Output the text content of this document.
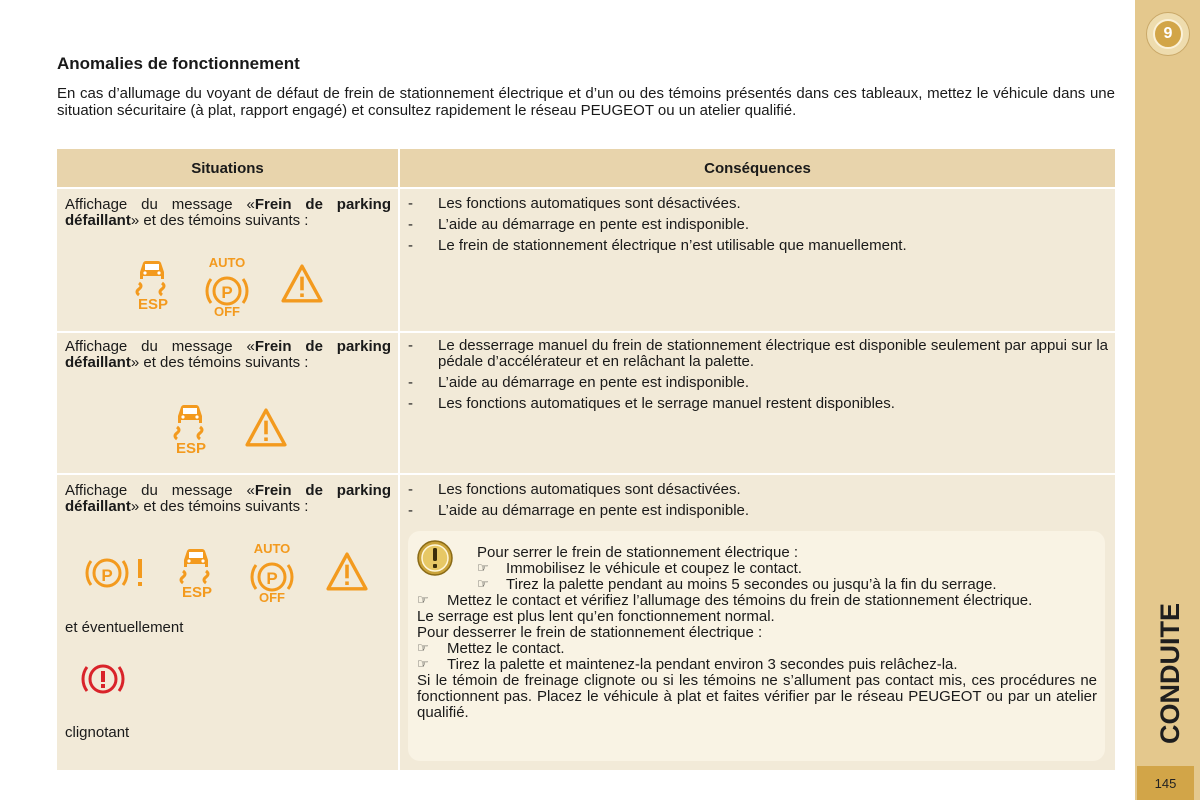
9
CONDUITE
145
Anomalies de fonctionnement

En cas d’allumage du voyant de défaut de frein de stationnement électrique et d’un ou des témoins présentés dans ces tableaux, mettez le véhicule dans une situation sécuritaire (à plat, rapport engagé) et consultez rapidement le réseau PEUGEOT ou un atelier qualifié.

Situations	Conséquences

Affichage du message «Frein de parking défaillant» et des témoins suivants :

ESP
AUTO
P
OFF
- Les fonctions automatiques sont désactivées.
- L’aide au démarrage en pente est indisponible.
- Le frein de stationnement électrique n’est utilisable que manuellement.

Affichage du message «Frein de parking défaillant» et des témoins suivants :

ESP
- Le desserrage manuel du frein de stationnement électrique est disponible seulement par appui sur la pédale d’accélérateur et en relâchant la palette.
- L’aide au démarrage en pente est indisponible.
- Les fonctions automatiques et le serrage manuel restent disponibles.

Affichage du message «Frein de parking défaillant» et des témoins suivants :

P
ESP
AUTO
P
OFF

et éventuellement

clignotant

- Les fonctions automatiques sont désactivées.
- L’aide au démarrage en pente est indisponible.

Pour serrer le frein de stationnement électrique :

☞ Immobilisez le véhicule et coupez le contact.

☞ Tirez la palette pendant au moins 5 secondes ou jusqu’à la fin du serrage.

☞ Mettez le contact et vérifiez l’allumage des témoins du frein de stationnement électrique.

Le serrage est plus lent qu’en fonctionnement normal.

Pour desserrer le frein de stationnement électrique :

☞ Mettez le contact.

☞ Tirez la palette et maintenez-la pendant environ 3 secondes puis relâchez-la.

Si le témoin de freinage clignote ou si les témoins ne s’allument pas contact mis, ces procédures ne fonctionnent pas. Placez le véhicule à plat et faites vérifier par le réseau PEUGEOT ou par un atelier qualifié.
